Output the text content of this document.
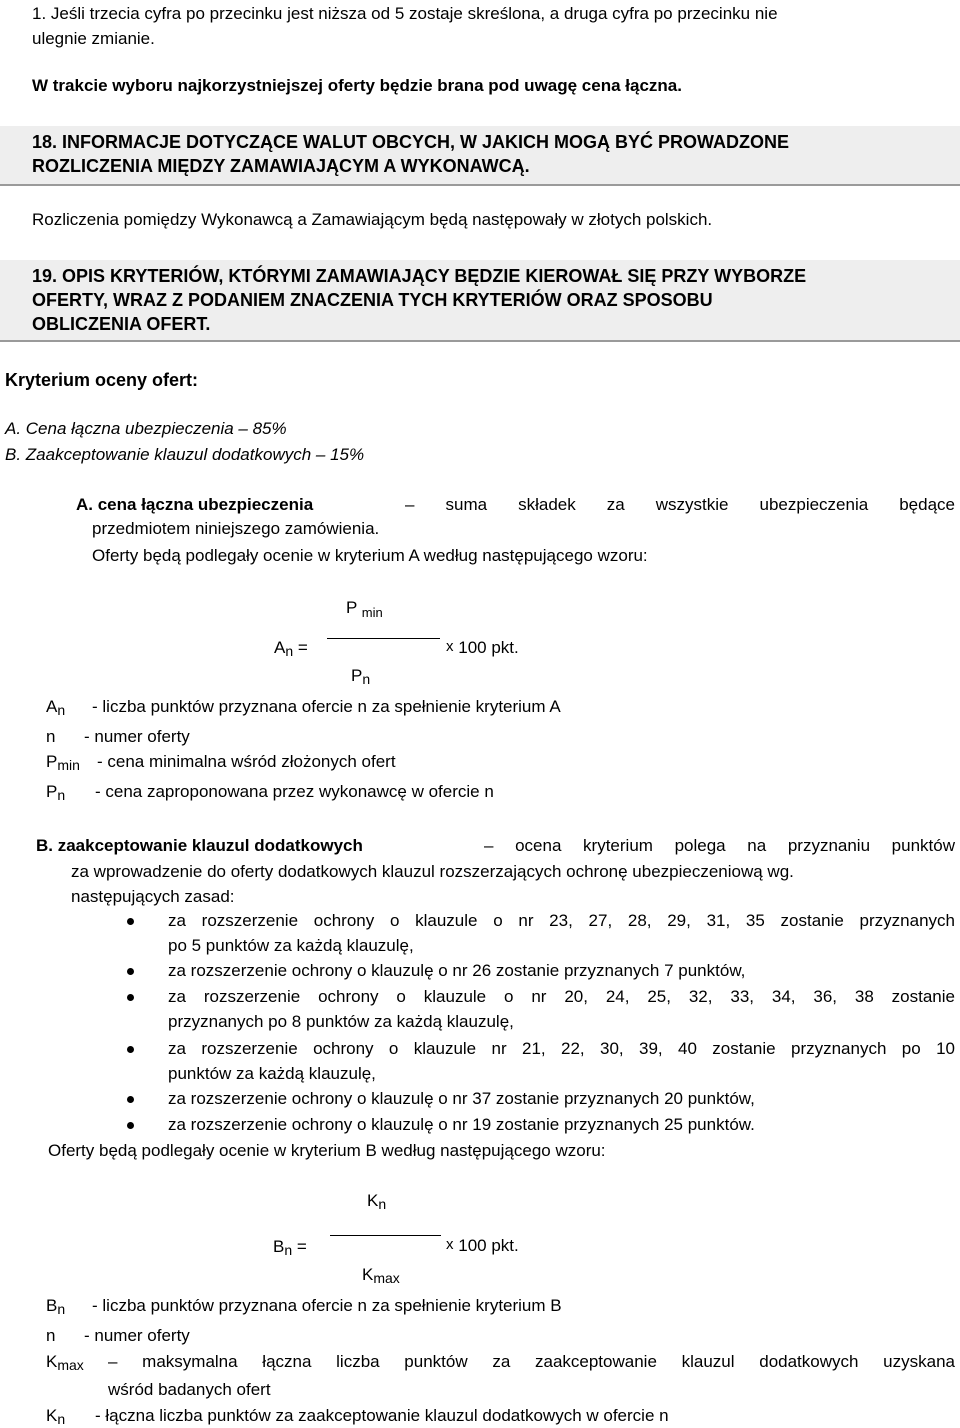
1. Jeśli trzecia cyfra po przecinku jest niższa od 5 zostaje skreślona, a druga cyfra po przecinku nie
ulegnie zmianie.
W trakcie wyboru najkorzystniejszej oferty będzie brana pod uwagę cena łączna.
18. INFORMACJE DOTYCZĄCE WALUT OBCYCH, W JAKICH MOGĄ BYĆ PROWADZONE
ROZLICZENIA MIĘDZY ZAMAWIAJĄCYM A WYKONAWCĄ.
Rozliczenia pomiędzy Wykonawcą a Zamawiającym będą następowały w złotych polskich.
19. OPIS KRYTERIÓW, KTÓRYMI ZAMAWIAJĄCY BĘDZIE KIEROWAŁ SIĘ PRZY WYBORZE
OFERTY, WRAZ Z PODANIEM ZNACZENIA TYCH KRYTERIÓW ORAZ SPOSOBU
OBLICZENIA OFERT.
Kryterium oceny ofert:
A. Cena łączna ubezpieczenia – 85%
B. Zaakceptowanie klauzul dodatkowych – 15%
A. cena łączna ubezpieczenia	– suma składek za wszystkie ubezpieczenia będące
przedmiotem niniejszego zamówienia.
Oferty będą podlegały ocenie w kryterium A według następującego wzoru:
P $_{min}$
$A_n$ =	x 100 pkt.
$P_n$
$A_n$ - liczba punktów przyznana ofercie n za spełnienie kryterium A
n - numer oferty
$P_{min}$ - cena minimalna wśród złożonych ofert
$P_n$ - cena zaproponowana przez wykonawcę w ofercie n
B. zaakceptowanie klauzul dodatkowych	– ocena kryterium polega na przyznaniu punktów
za wprowadzenie do oferty dodatkowych klauzul rozszerzających ochronę ubezpieczeniową wg.
następujących zasad:
za rozszerzenie ochrony o klauzule o nr 23, 27, 28, 29, 31, 35 zostanie przyznanych
po 5 punktów za każdą klauzulę,
za rozszerzenie ochrony o klauzulę o nr 26 zostanie przyznanych 7 punktów,
za rozszerzenie ochrony o klauzule o nr 20, 24, 25, 32, 33, 34, 36, 38 zostanie
przyznanych po 8 punktów za każdą klauzulę,
za rozszerzenie ochrony o klauzule nr 21, 22, 30, 39, 40 zostanie przyznanych po 10
punktów za każdą klauzulę,
za rozszerzenie ochrony o klauzulę o nr 37 zostanie przyznanych 20 punktów,
za rozszerzenie ochrony o klauzulę o nr 19 zostanie przyznanych 25 punktów.
Oferty będą podlegały ocenie w kryterium B według następującego wzoru:
$K_n$
$B_n$ =	x 100 pkt.
$K_{max}$
$B_n$ - liczba punktów przyznana ofercie n za spełnienie kryterium B
n - numer oferty
$K_{max}$ – maksymalna łączna liczba punktów za zaakceptowanie klauzul dodatkowych uzyskana
wśród badanych ofert
$K_n$ - łączna liczba punktów za zaakceptowanie klauzul dodatkowych w ofercie n
